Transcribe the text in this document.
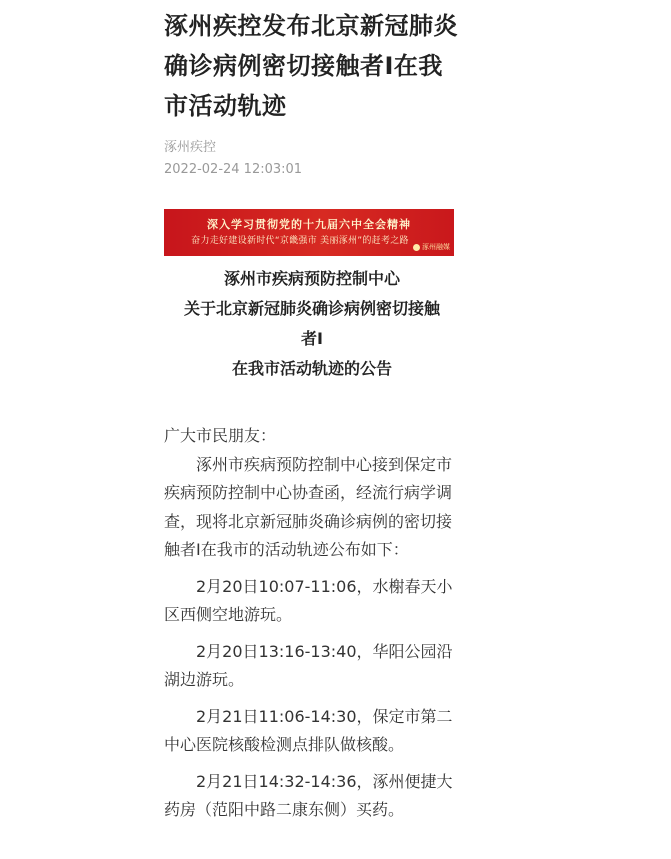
涿州疾控发布北京新冠肺炎确诊病例密切接触者I在我市活动轨迹
涿州疾控
2022-02-24 12:03:01
深入学习贯彻党的十九届六中全会精神
奋力走好建设新时代“京畿强市 美丽涿州”的赶考之路
涿州融媒
涿州市疾病预防控制中心
关于北京新冠肺炎确诊病例密切接触
者I
在我市活动轨迹的公告

广大市民朋友：

涿州市疾病预防控制中心接到保定市疾病预防控制中心协查函，经流行病学调查，现将北京新冠肺炎确诊病例的密切接触者I在我市的活动轨迹公布如下：

2月20日10:07-11:06，水榭春天小区西侧空地游玩。

2月20日13:16-13:40，华阳公园沿湖边游玩。

2月21日11:06-14:30，保定市第二中心医院核酸检测点排队做核酸。

2月21日14:32-14:36，涿州便捷大药房（范阳中路二康东侧）买药。
